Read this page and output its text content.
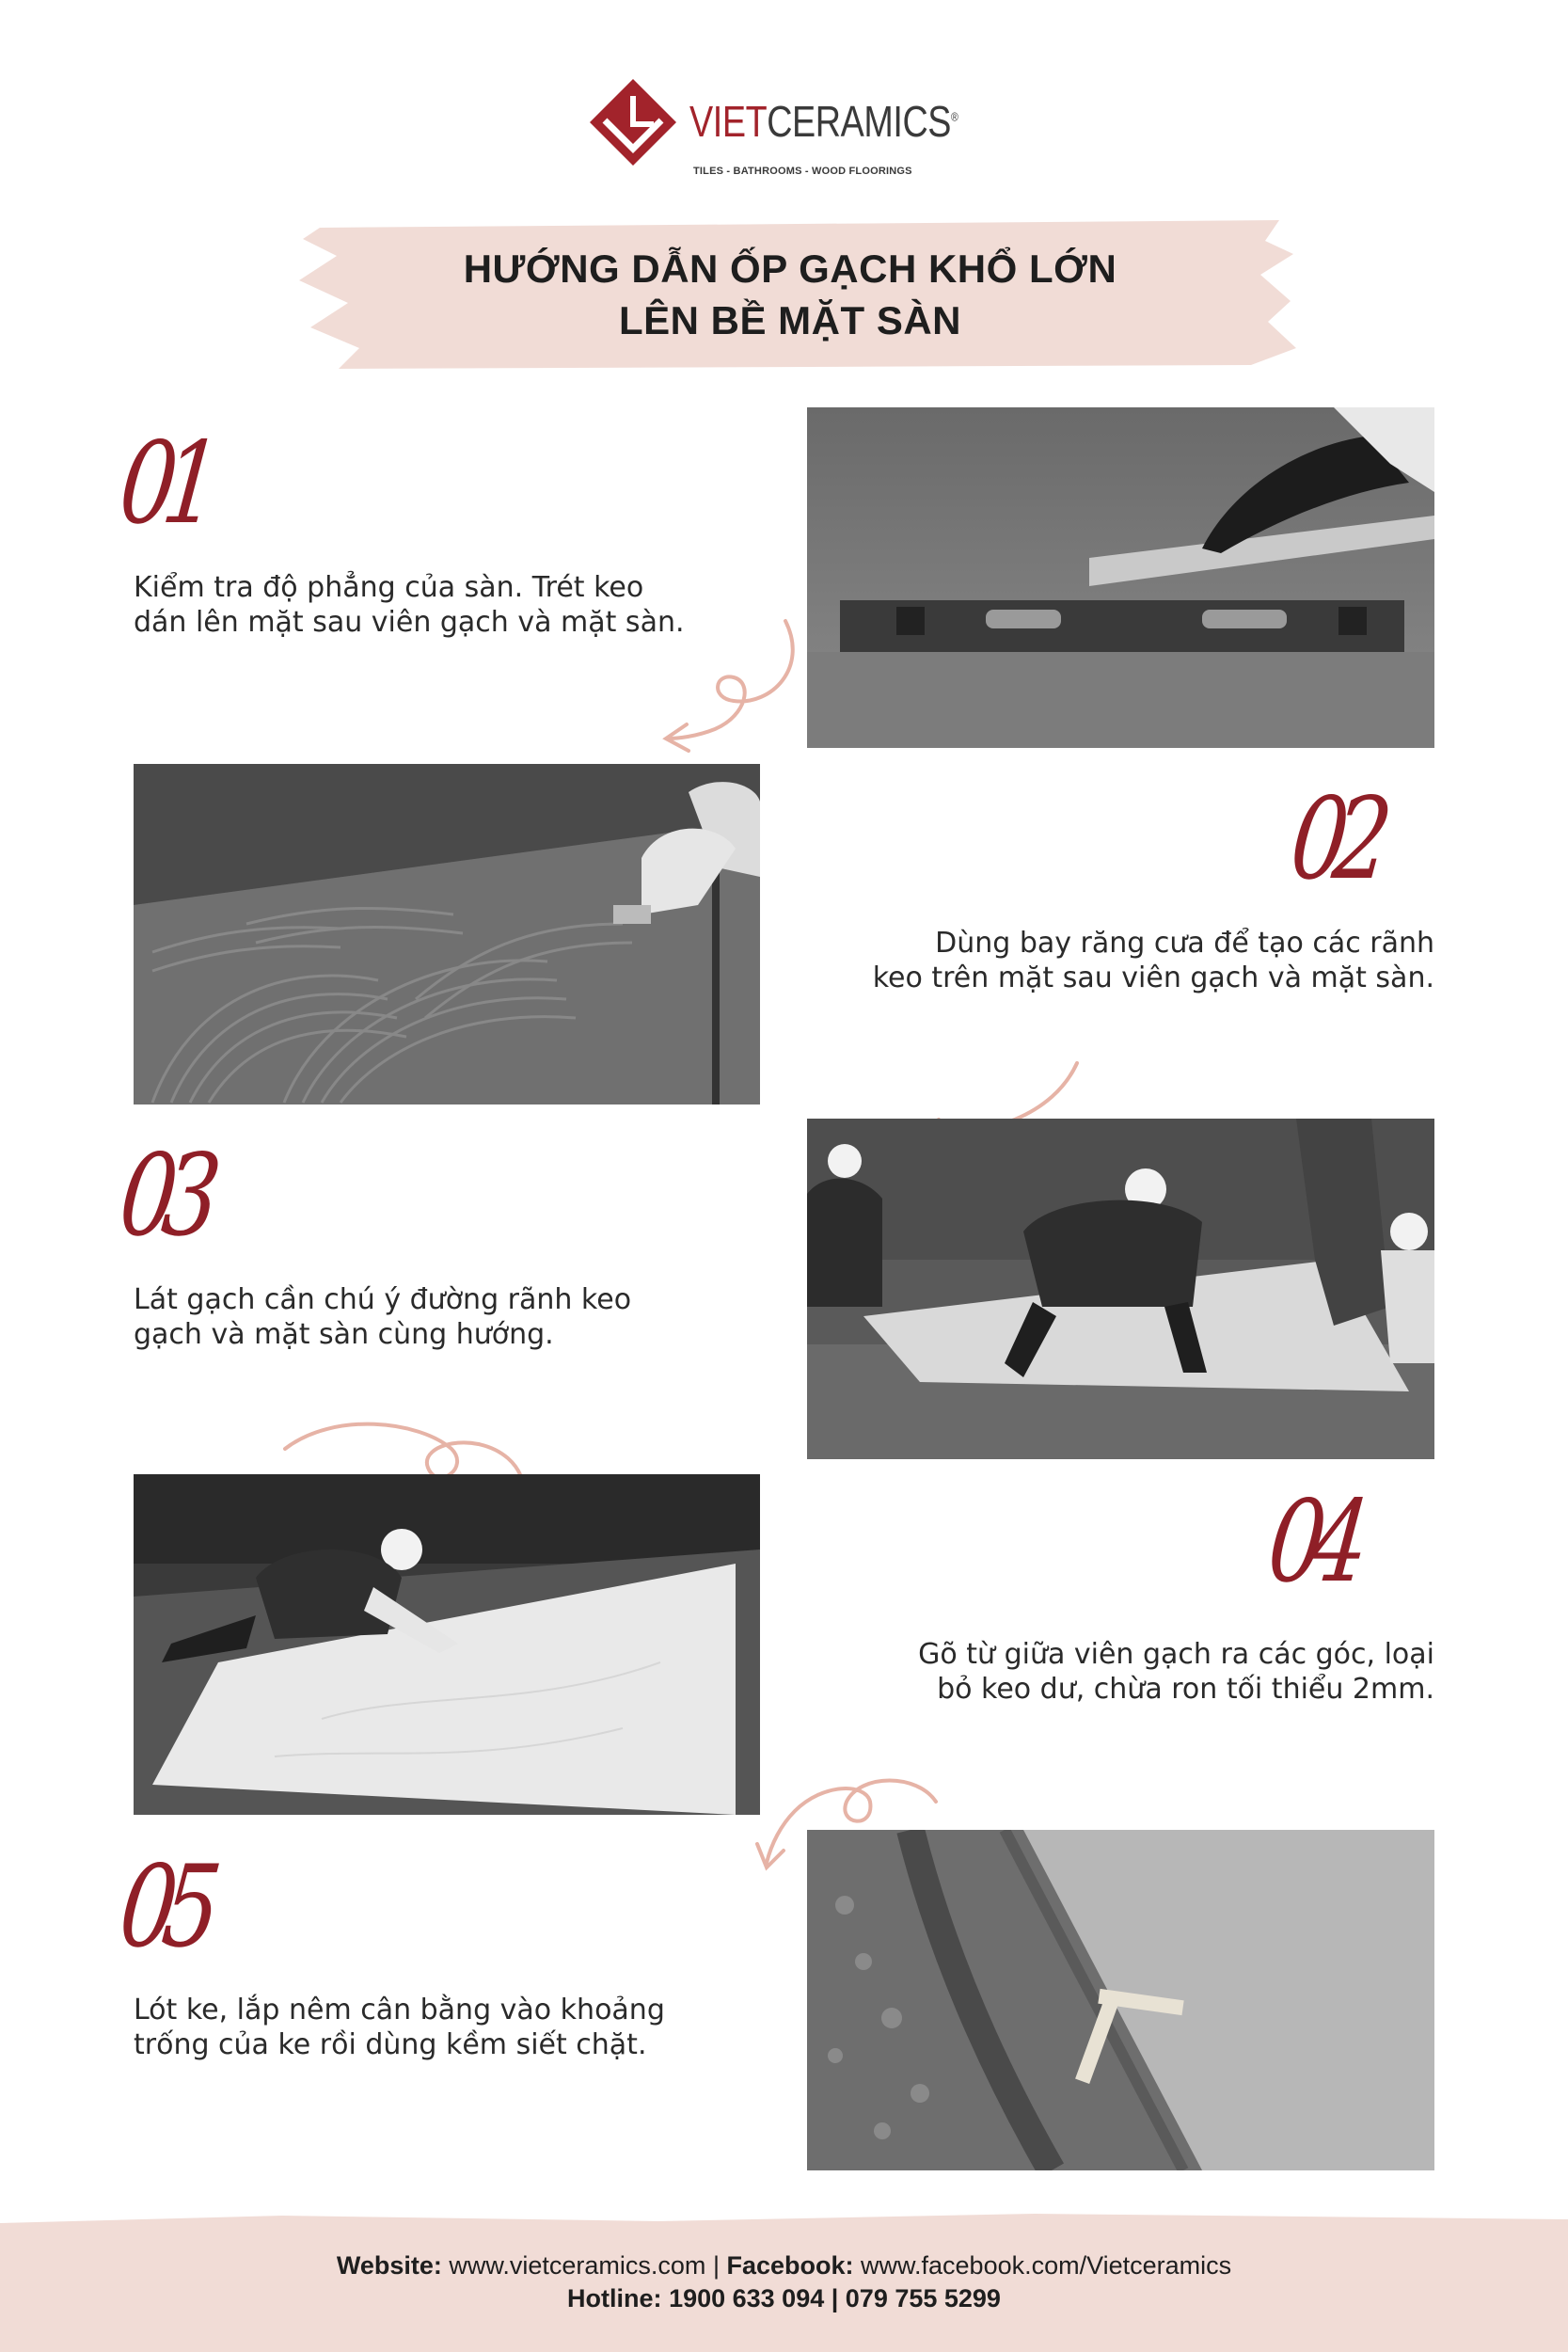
VIETCERAMICS®
TILES - BATHROOMS - WOOD FLOORINGS
HƯỚNG DẪN ỐP GẠCH KHỔ LỚN
LÊN BỀ MẶT SÀN
01
Kiểm tra độ phẳng của sàn. Trét keo
dán lên mặt sau viên gạch và mặt sàn.
02
Dùng bay răng cưa để tạo các rãnh
keo trên mặt sau viên gạch và mặt sàn.
03
Lát gạch cần chú ý đường rãnh keo
gạch và mặt sàn cùng hướng.
04
Gõ từ giữa viên gạch ra các góc, loại
bỏ keo dư, chừa ron tối thiểu 2mm.
05
Lót ke, lắp nêm cân bằng vào khoảng
trống của ke rồi dùng kềm siết chặt.
Website: www.vietceramics.com | Facebook: www.facebook.com/Vietceramics
Hotline: 1900 633 094 | 079 755 5299
